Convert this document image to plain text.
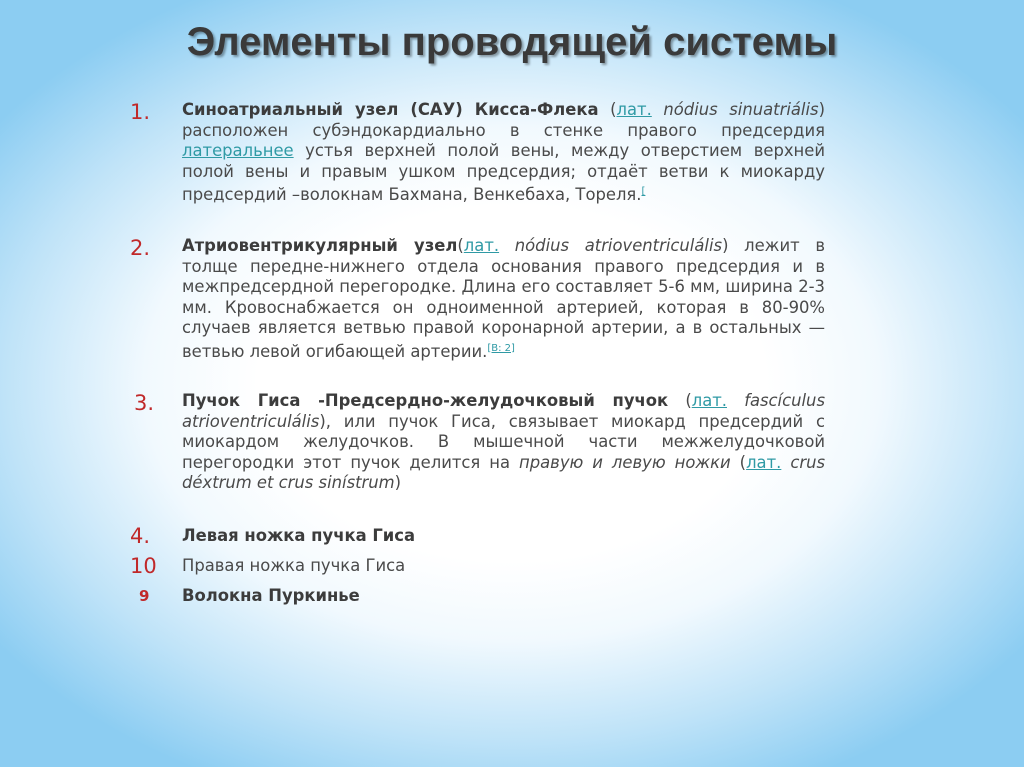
Элементы проводящей системы
1. Синоатриальный узел (САУ) Кисса-Флека (лат. nódius sinuatriális) расположен субэндокардиально в стенке правого предсердия латеральнее устья верхней полой вены, между отверстием верхней полой вены и правым ушком предсердия; отдаёт ветви к миокарду предсердий –волокнам Бахмана, Венкебаха, Тореля.[
2. Атриовентрикулярный узел(лат. nódius atrioventriculális) лежит в толще передне-нижнего отдела основания правого предсердия и в межпредсердной перегородке. Длина его составляет 5-6 мм, ширина 2-3 мм. Кровоснабжается он одноименной артерией, которая в 80-90% случаев является ветвью правой коронарной артерии, а в остальных — ветвью левой огибающей артерии.[В: 2]
3. Пучок Гиса -Предсердно-желудочковый пучок (лат. fascículus atrioventriculális), или пучок Гиса, связывает миокард предсердий с миокардом желудочков. В мышечной части межжелудочковой перегородки этот пучок делится на правую и левую ножки (лат. crus déxtrum et crus sinístrum)
4. Левая ножка пучка Гиса
10 Правая ножка пучка Гиса
9 Волокна Пуркинье
